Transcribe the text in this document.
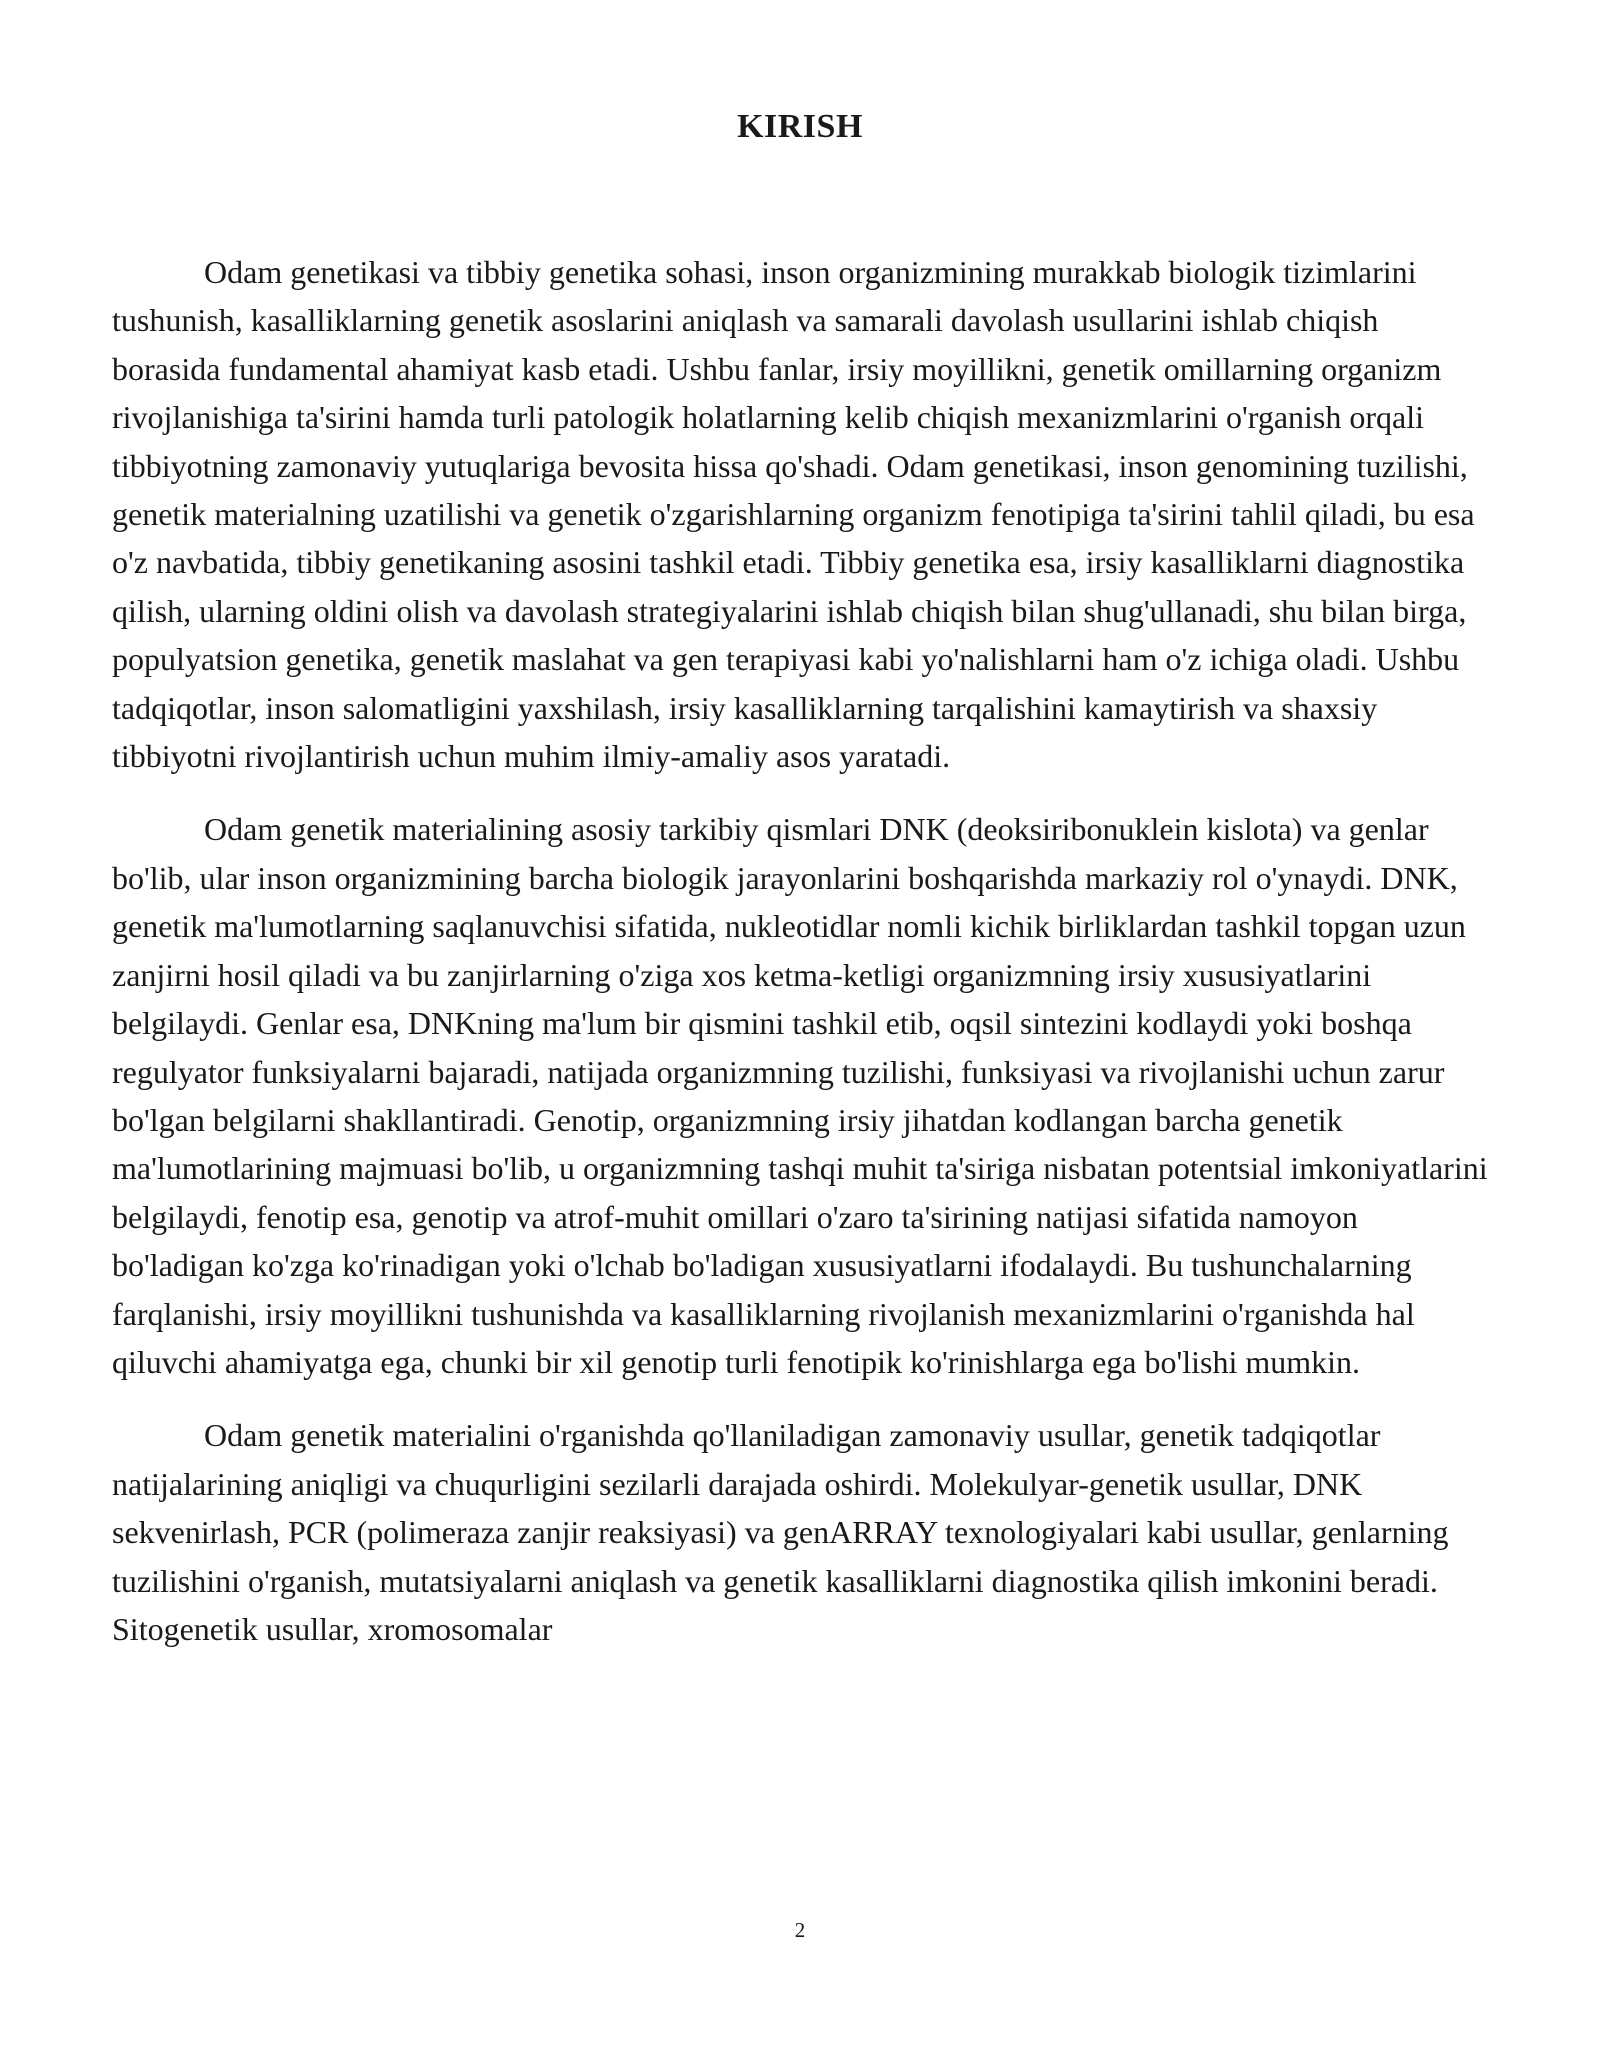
KIRISH

Odam genetikasi va tibbiy genetika sohasi, inson organizmining murakkab biologik tizimlarini tushunish, kasalliklarning genetik asoslarini aniqlash va samarali davolash usullarini ishlab chiqish borasida fundamental ahamiyat kasb etadi. Ushbu fanlar, irsiy moyillikni, genetik omillarning organizm rivojlanishiga ta'sirini hamda turli patologik holatlarning kelib chiqish mexanizmlarini o'rganish orqali tibbiyotning zamonaviy yutuqlariga bevosita hissa qo'shadi. Odam genetikasi, inson genomining tuzilishi, genetik materialning uzatilishi va genetik o'zgarishlarning organizm fenotipiga ta'sirini tahlil qiladi, bu esa o'z navbatida, tibbiy genetikaning asosini tashkil etadi. Tibbiy genetika esa, irsiy kasalliklarni diagnostika qilish, ularning oldini olish va davolash strategiyalarini ishlab chiqish bilan shug'ullanadi, shu bilan birga, populyatsion genetika, genetik maslahat va gen terapiyasi kabi yo'nalishlarni ham o'z ichiga oladi. Ushbu tadqiqotlar, inson salomatligini yaxshilash, irsiy kasalliklarning tarqalishini kamaytirish va shaxsiy tibbiyotni rivojlantirish uchun muhim ilmiy-amaliy asos yaratadi.

Odam genetik materialining asosiy tarkibiy qismlari DNK (deoksiribonuklein kislota) va genlar bo'lib, ular inson organizmining barcha biologik jarayonlarini boshqarishda markaziy rol o'ynaydi. DNK, genetik ma'lumotlarning saqlanuvchisi sifatida, nukleotidlar nomli kichik birliklardan tashkil topgan uzun zanjirni hosil qiladi va bu zanjirlarning o'ziga xos ketma-ketligi organizmning irsiy xususiyatlarini belgilaydi. Genlar esa, DNKning ma'lum bir qismini tashkil etib, oqsil sintezini kodlaydi yoki boshqa regulyator funksiyalarni bajaradi, natijada organizmning tuzilishi, funksiyasi va rivojlanishi uchun zarur bo'lgan belgilarni shakllantiradi. Genotip, organizmning irsiy jihatdan kodlangan barcha genetik ma'lumotlarining majmuasi bo'lib, u organizmning tashqi muhit ta'siriga nisbatan potentsial imkoniyatlarini belgilaydi, fenotip esa, genotip va atrof-muhit omillari o'zaro ta'sirining natijasi sifatida namoyon bo'ladigan ko'zga ko'rinadigan yoki o'lchab bo'ladigan xususiyatlarni ifodalaydi. Bu tushunchalarning farqlanishi, irsiy moyillikni tushunishda va kasalliklarning rivojlanish mexanizmlarini o'rganishda hal qiluvchi ahamiyatga ega, chunki bir xil genotip turli fenotipik ko'rinishlarga ega bo'lishi mumkin.

Odam genetik materialini o'rganishda qo'llaniladigan zamonaviy usullar, genetik tadqiqotlar natijalarining aniqligi va chuqurligini sezilarli darajada oshirdi. Molekulyar-genetik usullar, DNK sekvenirlash, PCR (polimeraza zanjir reaksiyasi) va genARRAY texnologiyalari kabi usullar, genlarning tuzilishini o'rganish, mutatsiyalarni aniqlash va genetik kasalliklarni diagnostika qilish imkonini beradi. Sitogenetik usullar, xromosomalar

2
